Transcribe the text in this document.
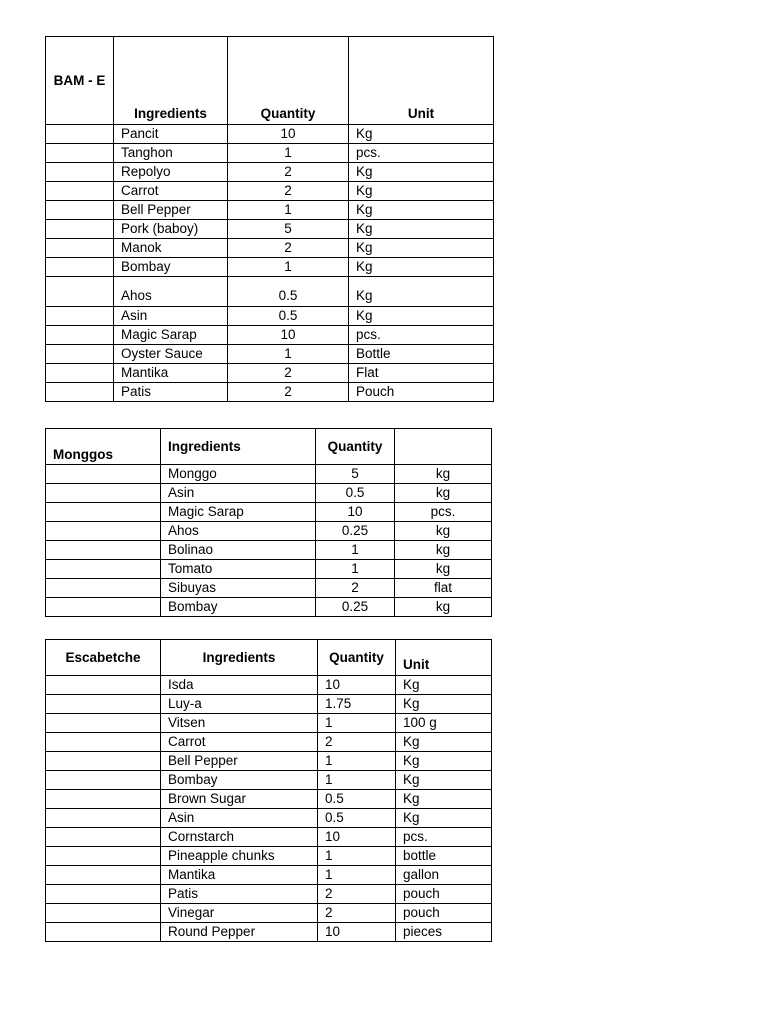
BAM - E	Ingredients	Quantity	Unit
	Pancit	10	Kg
	Tanghon	1	pcs.
	Repolyo	2	Kg
	Carrot	2	Kg
	Bell Pepper	1	Kg
	Pork (baboy)	5	Kg
	Manok	2	Kg
	Bombay	1	Kg
	Ahos	0.5	Kg
	Asin	0.5	Kg
	Magic Sarap	10	pcs.
	Oyster Sauce	1	Bottle
	Mantika	2	Flat
	Patis	2	Pouch
Monggos	Ingredients	Quantity	
	Monggo	5	kg
	Asin	0.5	kg
	Magic Sarap	10	pcs.
	Ahos	0.25	kg
	Bolinao	1	kg
	Tomato	1	kg
	Sibuyas	2	flat
	Bombay	0.25	kg
Escabetche	Ingredients	Quantity	Unit
	Isda	10	Kg
	Luy-a	1.75	Kg
	Vitsen	1	100 g
	Carrot	2	Kg
	Bell Pepper	1	Kg
	Bombay	1	Kg
	Brown Sugar	0.5	Kg
	Asin	0.5	Kg
	Cornstarch	10	pcs.
	Pineapple chunks	1	bottle
	Mantika	1	gallon
	Patis	2	pouch
	Vinegar	2	pouch
	Round Pepper	10	pieces
